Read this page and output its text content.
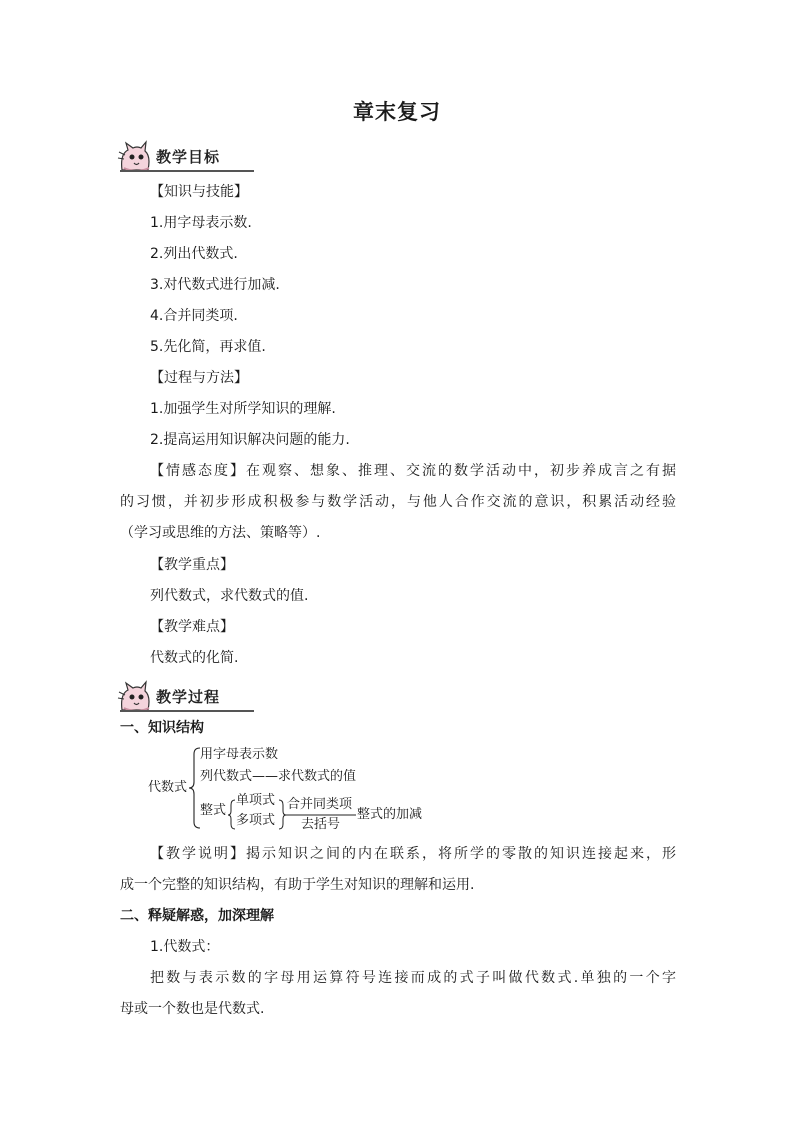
章末复习
教学目标
【知识与技能】
1.用字母表示数.
2.列出代数式.
3.对代数式进行加减.
4.合并同类项.
5.先化简，再求值.
【过程与方法】
1.加强学生对所学知识的理解.
2.提高运用知识解决问题的能力.
【情感态度】在观察、想象、推理、交流的数学活动中，初步养成言之有据
的习惯，并初步形成积极参与数学活动，与他人合作交流的意识，积累活动经验
（学习或思维的方法、策略等）.
【教学重点】
列代数式，求代数式的值.
【教学难点】
代数式的化简.
教学过程
一、知识结构
代数式
用字母表示数
列代数式——求代数式的值
整式
单项式
多项式
合并同类项
去括号
整式的加减
【教学说明】揭示知识之间的内在联系，将所学的零散的知识连接起来，形
成一个完整的知识结构，有助于学生对知识的理解和运用.
二、释疑解惑，加深理解
1.代数式：
把数与表示数的字母用运算符号连接而成的式子叫做代数式.单独的一个字
母或一个数也是代数式.
